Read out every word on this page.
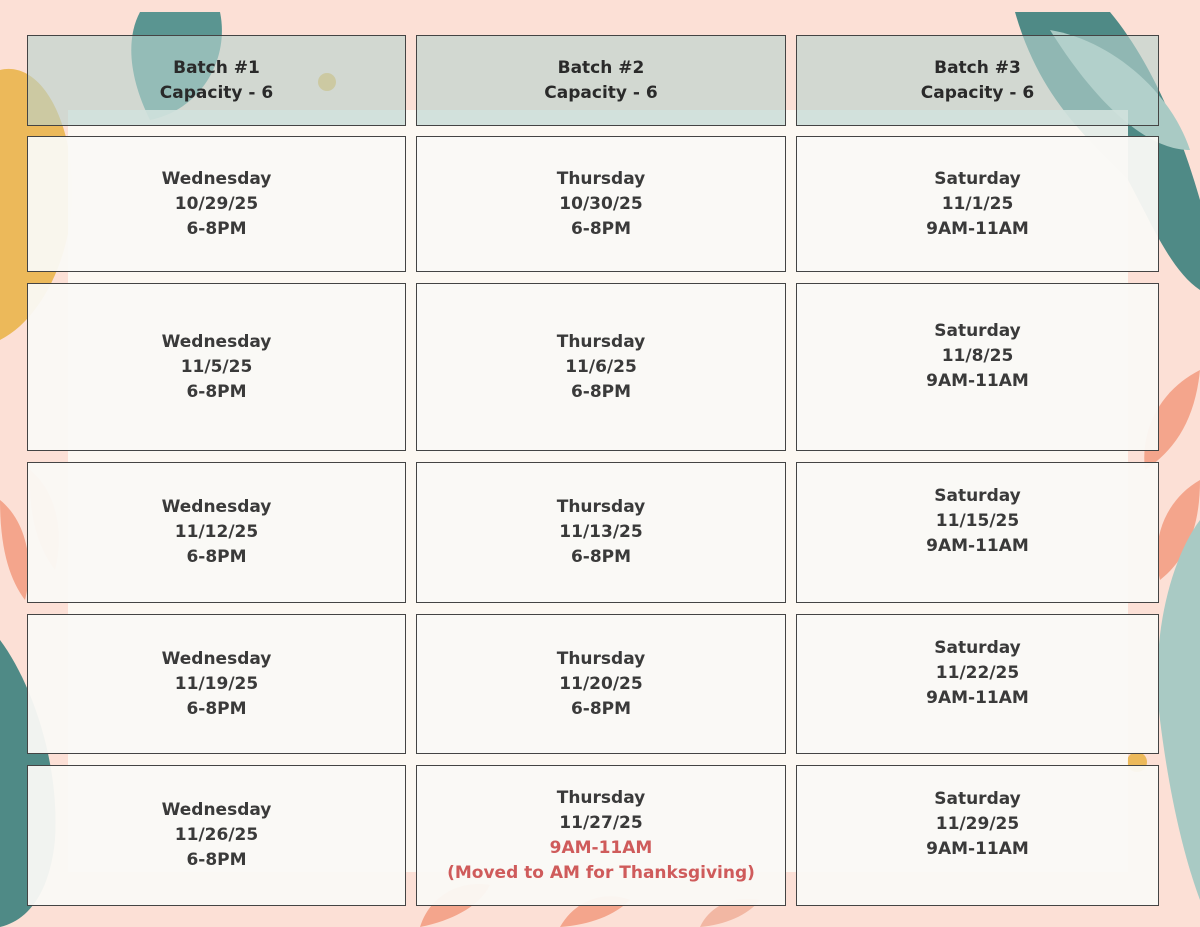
Batch #1
Capacity - 6
Batch #2
Capacity - 6
Batch #3
Capacity - 6
Wednesday
10/29/25
6-8PM
Thursday
10/30/25
6-8PM
Saturday
11/1/25
9AM-11AM
Wednesday
11/5/25
6-8PM
Thursday
11/6/25
6-8PM
Saturday
11/8/25
9AM-11AM
Wednesday
11/12/25
6-8PM
Thursday
11/13/25
6-8PM
Saturday
11/15/25
9AM-11AM
Wednesday
11/19/25
6-8PM
Thursday
11/20/25
6-8PM
Saturday
11/22/25
9AM-11AM
Wednesday
11/26/25
6-8PM
Thursday
11/27/25
9AM-11AM
(Moved to AM for Thanksgiving)
Saturday
11/29/25
9AM-11AM
